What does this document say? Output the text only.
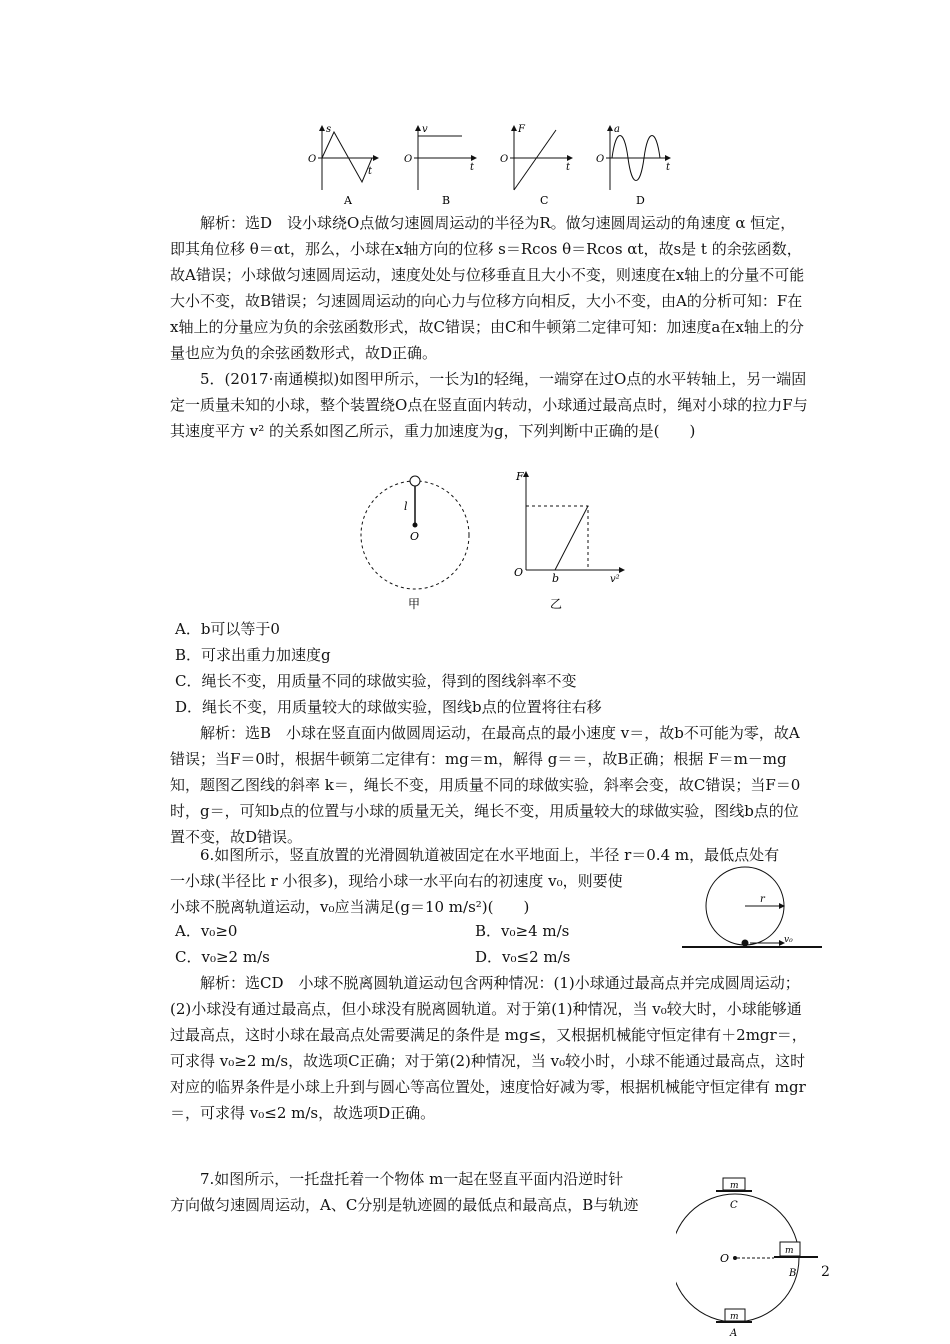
s
O
t
A
v
O
t
B
F
O
t
C
a
O
t
D

解析：选D　设小球绕O点做匀速圆周运动的半径为R。做匀速圆周运动的角速度 α 恒定，即其角位移 θ＝αt，那么，小球在x轴方向的位移 s＝Rcos θ＝Rcos αt，故s是 t 的余弦函数，故A错误；小球做匀速圆周运动，速度处处与位移垂直且大小不变，则速度在x轴上的分量不可能大小不变，故B错误；匀速圆周运动的向心力与位移方向相反，大小不变，由A的分析可知：F在x轴上的分量应为负的余弦函数形式，故C错误；由C和牛顿第二定律可知：加速度a在x轴上的分量也应为负的余弦函数形式，故D正确。

5．(2017·南通模拟)如图甲所示，一长为l的轻绳，一端穿在过O点的水平转轴上，另一端固定一质量未知的小球，整个装置绕O点在竖直面内转动，小球通过最高点时，绳对小球的拉力F与其速度平方 v² 的关系如图乙所示，重力加速度为g，下列判断中正确的是(　　)

l
O
甲
F
O	b	v²
乙
A．b可以等于0
B．可求出重力加速度g
C．绳长不变，用质量不同的球做实验，得到的图线斜率不变
D．绳长不变，用质量较大的球做实验，图线b点的位置将往右移

解析：选B　小球在竖直面内做圆周运动，在最高点的最小速度 v＝，故b不可能为零，故A错误；当F＝0时，根据牛顿第二定律有：mg＝m，解得 g＝＝，故B正确；根据 F＝m－mg 知，题图乙图线的斜率 k＝，绳长不变，用质量不同的球做实验，斜率会变，故C错误；当F＝0时，g＝，可知b点的位置与小球的质量无关，绳长不变，用质量较大的球做实验，图线b点的位置不变，故D错误。

6.如图所示，竖直放置的光滑圆轨道被固定在水平地面上，半径 r＝0.4 m，最低点处有
一小球(半径比 r 小很多)，现给小球一水平向右的初速度 v₀，则要使
小球不脱离轨道运动，v₀应当满足(g＝10 m/s²)(　　)
A．v₀≥0	B．v₀≥4 m/s
C．v₀≥2 m/s	D．v₀≤2 m/s
r
v₀

解析：选CD　小球不脱离圆轨道运动包含两种情况：(1)小球通过最高点并完成圆周运动；(2)小球没有通过最高点，但小球没有脱离圆轨道。对于第(1)种情况，当 v₀较大时，小球能够通过最高点，这时小球在最高点处需要满足的条件是 mg≤，又根据机械能守恒定律有＋2mgr＝，可求得 v₀≥2 m/s，故选项C正确；对于第(2)种情况，当 v₀较小时，小球不能通过最高点，这时对应的临界条件是小球上升到与圆心等高位置处，速度恰好减为零，根据机械能守恒定律有 mgr＝，可求得 v₀≤2 m/s，故选项D正确。

7.如图所示，一托盘托着一个物体 m一起在竖直平面内沿逆时针
方向做匀速圆周运动，A、C分别是轨迹圆的最低点和最高点，B与轨迹
m
C
O
m
B
m
A
2
